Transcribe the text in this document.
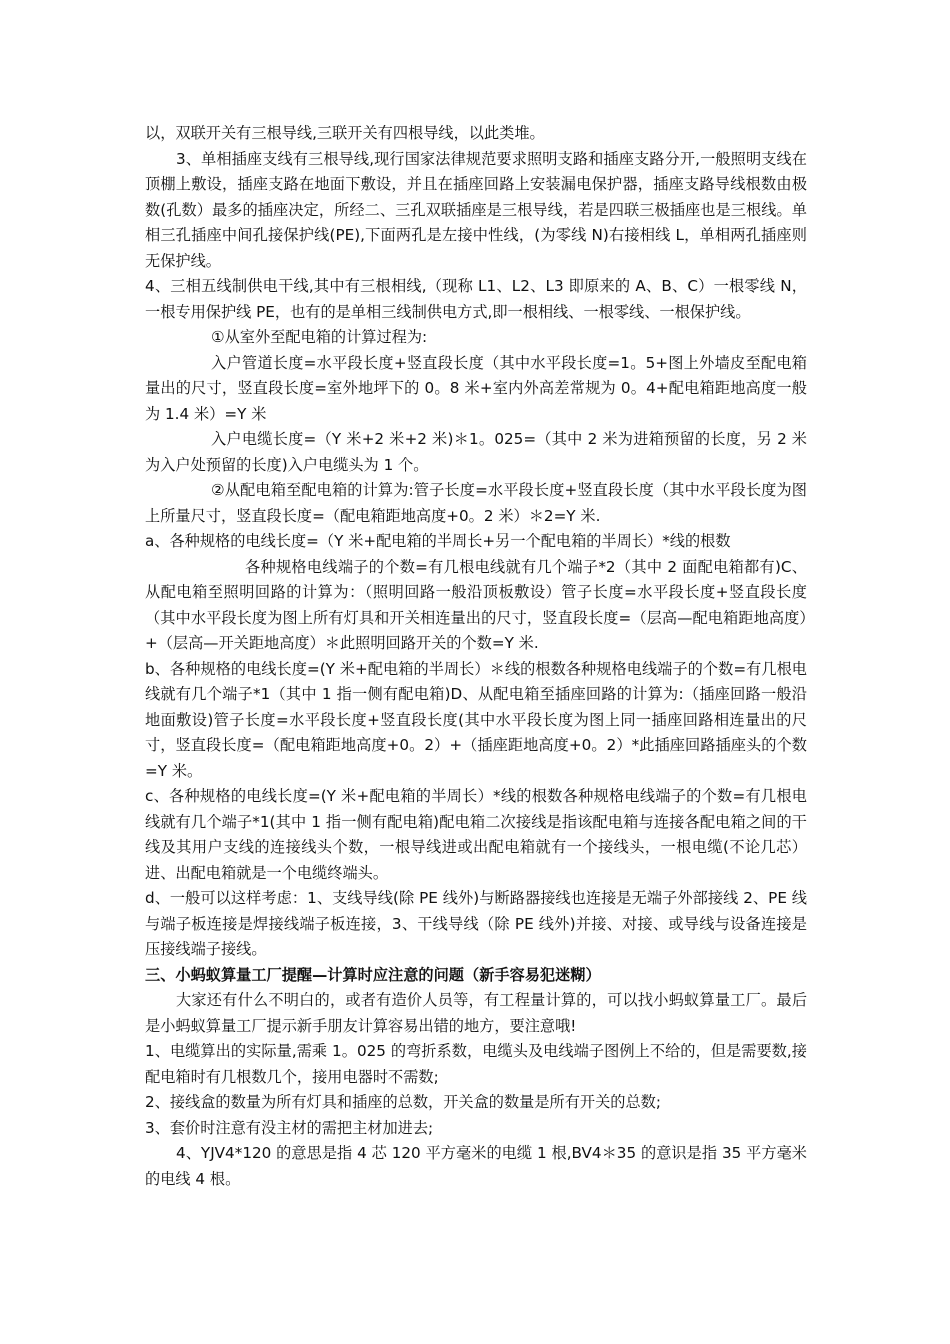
以，双联开关有三根导线,三联开关有四根导线，以此类堆。

3、单相插座支线有三根导线,现行国家法律规范要求照明支路和插座支路分开,一般照明支线在顶棚上敷设，插座支路在地面下敷设，并且在插座回路上安装漏电保护器，插座支路导线根数由极数(孔数）最多的插座决定，所经二、三孔双联插座是三根导线，若是四联三极插座也是三根线。单相三孔插座中间孔接保护线(PE),下面两孔是左接中性线，(为零线 N)右接相线 L，单相两孔插座则无保护线。

4、三相五线制供电干线,其中有三根相线,（现称 L1、L2、L3 即原来的 A、B、C）一根零线 N，一根专用保护线 PE，也有的是单相三线制供电方式,即一根相线、一根零线、一根保护线。

①从室外至配电箱的计算过程为:

入户管道长度=水平段长度+竖直段长度（其中水平段长度=1。5+图上外墙皮至配电箱量出的尺寸，竖直段长度=室外地坪下的 0。8 米+室内外高差常规为 0。4+配电箱距地高度一般为 1.4 米）=Y 米

入户电缆长度=（Y 米+2 米+2 米)＊1。025=（其中 2 米为进箱预留的长度，另 2 米为入户处预留的长度)入户电缆头为 1 个。

②从配电箱至配电箱的计算为:管子长度=水平段长度+竖直段长度（其中水平段长度为图上所量尺寸，竖直段长度=（配电箱距地高度+0。2 米）＊2=Y 米.

a、各种规格的电线长度=（Y 米+配电箱的半周长+另一个配电箱的半周长）*线的根数

各种规格电线端子的个数=有几根电线就有几个端子*2（其中 2 面配电箱都有)C、从配电箱至照明回路的计算为：（照明回路一般沿顶板敷设）管子长度=水平段长度+竖直段长度（其中水平段长度为图上所有灯具和开关相连量出的尺寸，竖直段长度=（层高—配电箱距地高度）+（层高—开关距地高度）＊此照明回路开关的个数=Y 米.

b、各种规格的电线长度=(Y 米+配电箱的半周长）＊线的根数各种规格电线端子的个数=有几根电线就有几个端子*1（其中 1 指一侧有配电箱)D、从配电箱至插座回路的计算为:（插座回路一般沿地面敷设)管子长度=水平段长度+竖直段长度(其中水平段长度为图上同一插座回路相连量出的尺寸，竖直段长度=（配电箱距地高度+0。2）+（插座距地高度+0。2）*此插座回路插座头的个数=Y 米。

c、各种规格的电线长度=(Y 米+配电箱的半周长）*线的根数各种规格电线端子的个数=有几根电线就有几个端子*1(其中 1 指一侧有配电箱)配电箱二次接线是指该配电箱与连接各配电箱之间的干线及其用户支线的连接线头个数，一根导线进或出配电箱就有一个接线头，一根电缆(不论几芯）进、出配电箱就是一个电缆终端头。

d、一般可以这样考虑：1、支线导线(除 PE 线外)与断路器接线也连接是无端子外部接线 2、PE 线与端子板连接是焊接线端子板连接，3、干线导线（除 PE 线外)并接、对接、或导线与设备连接是压接线端子接线。

三、小蚂蚁算量工厂提醒—计算时应注意的问题（新手容易犯迷糊）

大家还有什么不明白的，或者有造价人员等，有工程量计算的，可以找小蚂蚁算量工厂。最后是小蚂蚁算量工厂提示新手朋友计算容易出错的地方，要注意哦!

1、电缆算出的实际量,需乘 1。025 的弯折系数，电缆头及电线端子图例上不给的，但是需要数,接配电箱时有几根数几个，接用电器时不需数;

2、接线盒的数量为所有灯具和插座的总数，开关盒的数量是所有开关的总数;

3、套价时注意有没主材的需把主材加进去;

4、YJV4*120 的意思是指 4 芯 120 平方毫米的电缆 1 根,BV4＊35 的意识是指 35 平方毫米的电线 4 根。
